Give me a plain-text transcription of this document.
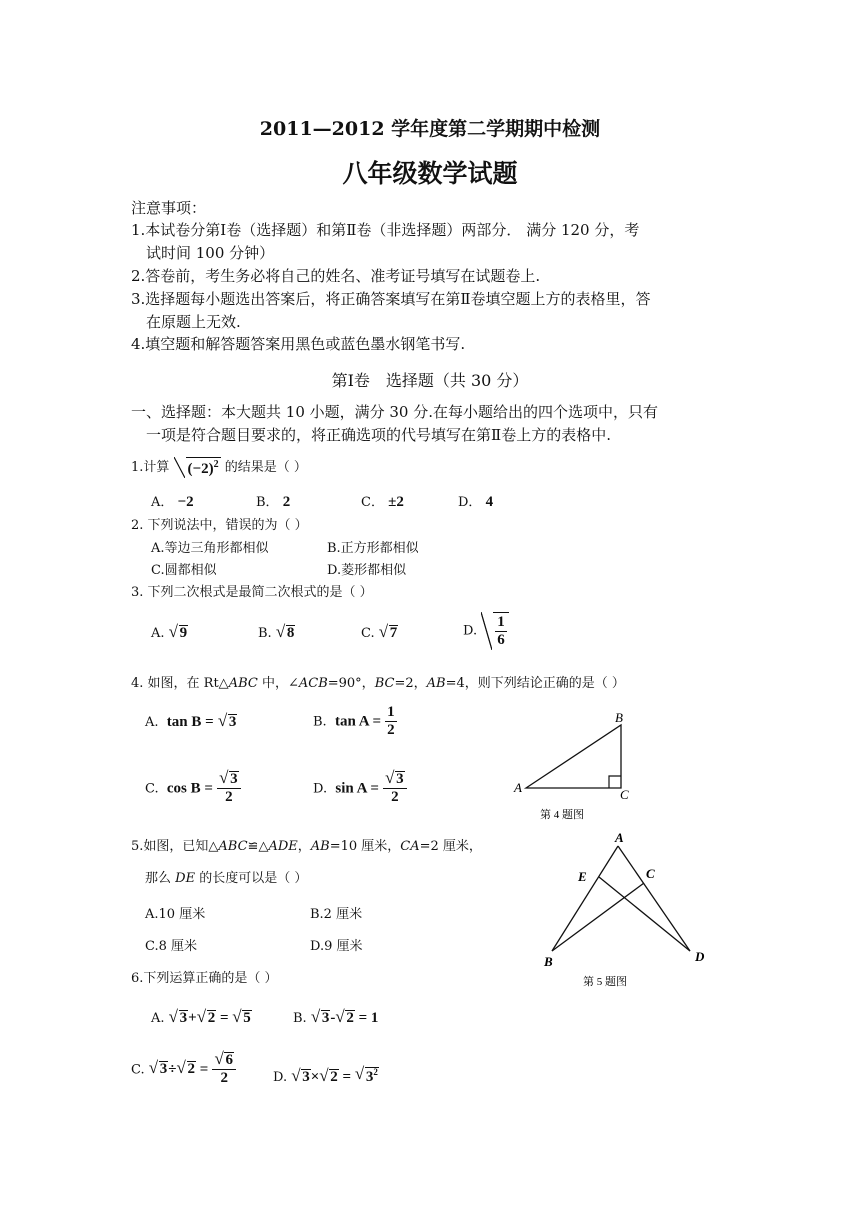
2011—2012 学年度第二学期期中检测
八年级数学试题
注意事项：
1.本试卷分第Ⅰ卷（选择题）和第Ⅱ卷（非选择题）两部分． 满分 120 分，考
试时间 100 分钟）
2.答卷前，考生务必将自己的姓名、准考证号填写在试题卷上.
3.选择题每小题选出答案后，将正确答案填写在第Ⅱ卷填空题上方的表格里，答
在原题上无效.
4.填空题和解答题答案用黑色或蓝色墨水钢笔书写.
第Ⅰ卷　选择题（共 30 分）
一、选择题：本大题共 10 小题，满分 30 分.在每小题给出的四个选项中，只有
一项是符合题目要求的，将正确选项的代号填写在第Ⅱ卷上方的表格中.
1.计算 $(-2)^2$ 的结果是（ ）
A． −2	B． 2	C． ±2	D． 4
2. 下列说法中，错误的为（ ）
A.等边三角形都相似	B.正方形都相似
C.圆都相似	D.菱形都相似
3. 下列二次根式是最简二次根式的是（ ）
A. √ 9	B. √ 8	C. √ 7	D. $\frac{1}{6}$
4. 如图，在 Rt△ABC 中，∠ACB=90°，BC=2，AB=4，则下列结论正确的是（ ）
A. tan B = √ 3	B. $\tan A = \frac{1}{2}$
C. cos B = √ $\frac{3}{2}$	D. sin A = √ $\frac{3}{2}$
B
A	C
第 4 题图
5.如图，已知△ABC≌△ADE，AB=10 厘米，CA=2 厘米，
那么 DE 的长度可以是（ ）
A.10 厘米	B.2 厘米
C.8 厘米	D.9 厘米
A
E	C
B	D
第 5 题图
6.下列运算正确的是（ ）
A. √ 3+ √ 2 = √ 5	B. √ 3- √ 2 = 1
C. √ 3÷ √ 2 = √ $\frac{6}{2}$	D. √ 3× √ 2 = √ $3^2$
